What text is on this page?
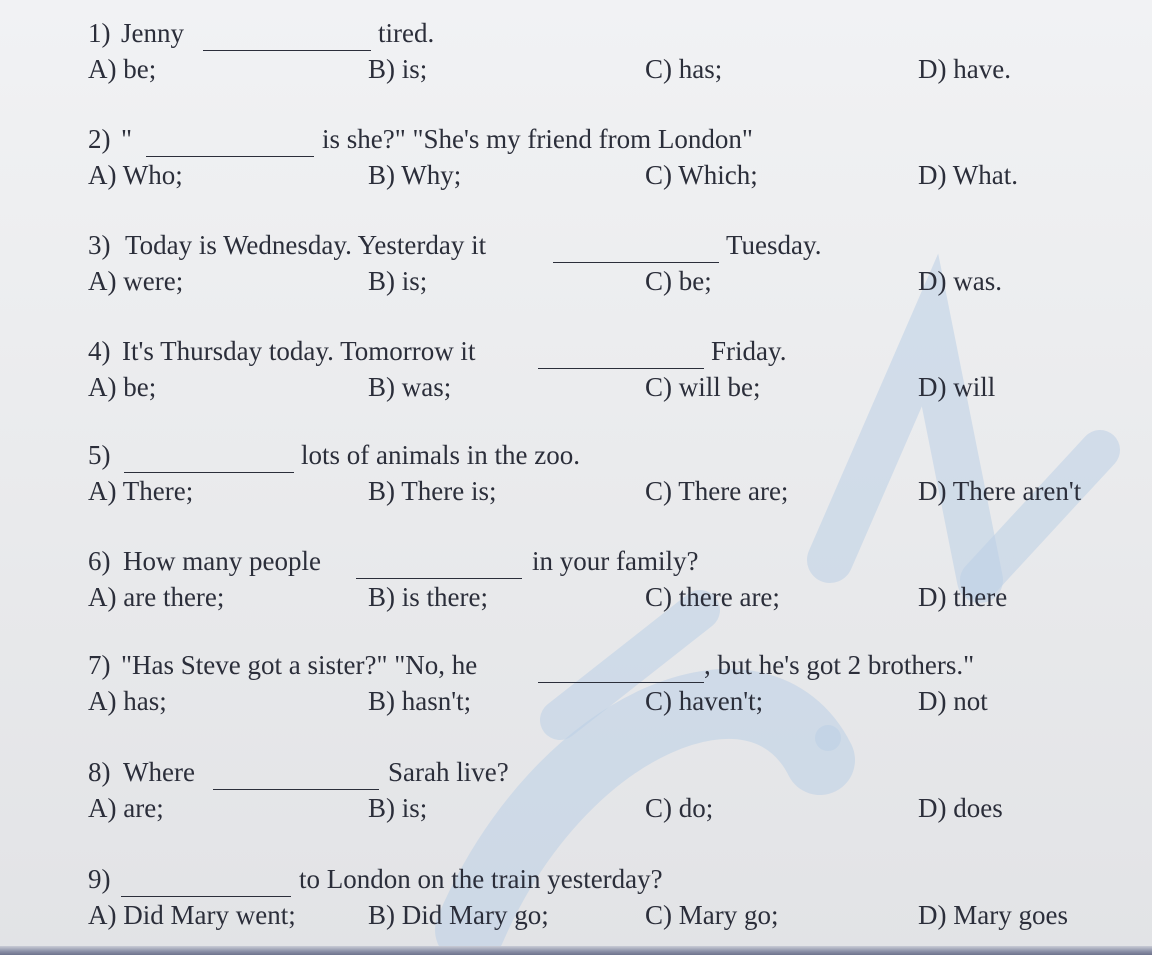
1) Jenny	tired.
A) be;	B) is;	C) has;	D) have.
2) "	is she?" "She's my friend from London"
A) Who;	B) Why;	C) Which;	D) What.
3) Today is Wednesday. Yesterday it	Tuesday.
A) were;	B) is;	C) be;	D) was.
4) It's Thursday today. Tomorrow it	Friday.
A) be;	B) was;	C) will be;	D) will
5)	lots of animals in the zoo.
A) There;	B) There is;	C) There are;	D) There aren't
6) How many people	in your family?
A) are there;	B) is there;	C) there are;	D) there
7) "Has Steve got a sister?" "No, he	, but he's got 2 brothers."
A) has;	B) hasn't;	C) haven't;	D) not
8) Where	Sarah live?
A) are;	B) is;	C) do;	D) does
9)	to London on the train yesterday?
A) Did Mary went;	B) Did Mary go;	C) Mary go;	D) Mary goes
